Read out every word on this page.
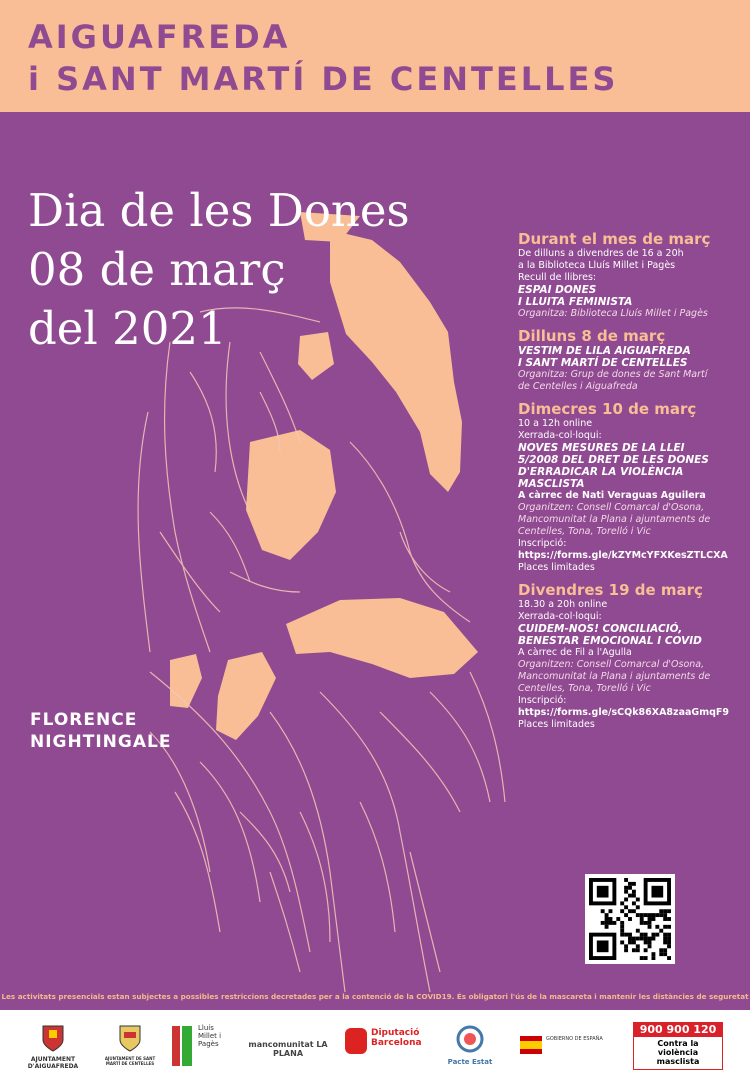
AIGUAFREDA
i SANT MARTÍ DE CENTELLES
Dia de les Dones
08 de març
del 2021
FLORENCE
NIGHTINGALE
Durant el mes de març
De dilluns a divendres de 16 a 20h
a la Biblioteca Lluís Millet i Pagès
Recull de llibres:
ESPAI DONES
I LLUITA FEMINISTA
Organitza: Biblioteca Lluís Millet i Pagès
Dilluns 8 de març
VESTIM DE LILA AIGUAFREDA
I SANT MARTÍ DE CENTELLES
Organitza: Grup de dones de Sant Martí
de Centelles i Aiguafreda
Dimecres 10 de març
10 a 12h online
Xerrada-col·loqui:
NOVES MESURES DE LA LLEI
5/2008 DEL DRET DE LES DONES
D'ERRADICAR LA VIOLÈNCIA
MASCLISTA
A càrrec de Nati Veraguas Aguilera
Organitzen: Consell Comarcal d'Osona,
Mancomunitat la Plana i ajuntaments de
Centelles, Tona, Torelló i Vic
Inscripció:
https://forms.gle/kZYMcYFXKesZTLCXA
Places limitades
Divendres 19 de març
18.30 a 20h online
Xerrada-col·loqui:
CUIDEM-NOS! CONCILIACIÓ,
BENESTAR EMOCIONAL I COVID
A càrrec de Fil a l'Agulla
Organitzen: Consell Comarcal d'Osona,
Mancomunitat la Plana i ajuntaments de
Centelles, Tona, Torelló i Vic
Inscripció:
https://forms.gle/sCQk86XA8zaaGmqF9
Places limitades
Les activitats presencials estan subjectes a possibles restriccions decretades per a la contenció de la COVID19. És obligatori l'ús de la mascareta i mantenir les distàncies de seguretat
AJUNTAMENT D'AIGUAFREDA
AJUNTAMENT DE SANT MARTÍ DE CENTELLES
Lluís Millet i Pagès	mancomunitat LA PLANA
Diputació Barcelona
Pacte Estat
GOBIERNO DE ESPAÑA
900 900 120
Contra la violència masclista
